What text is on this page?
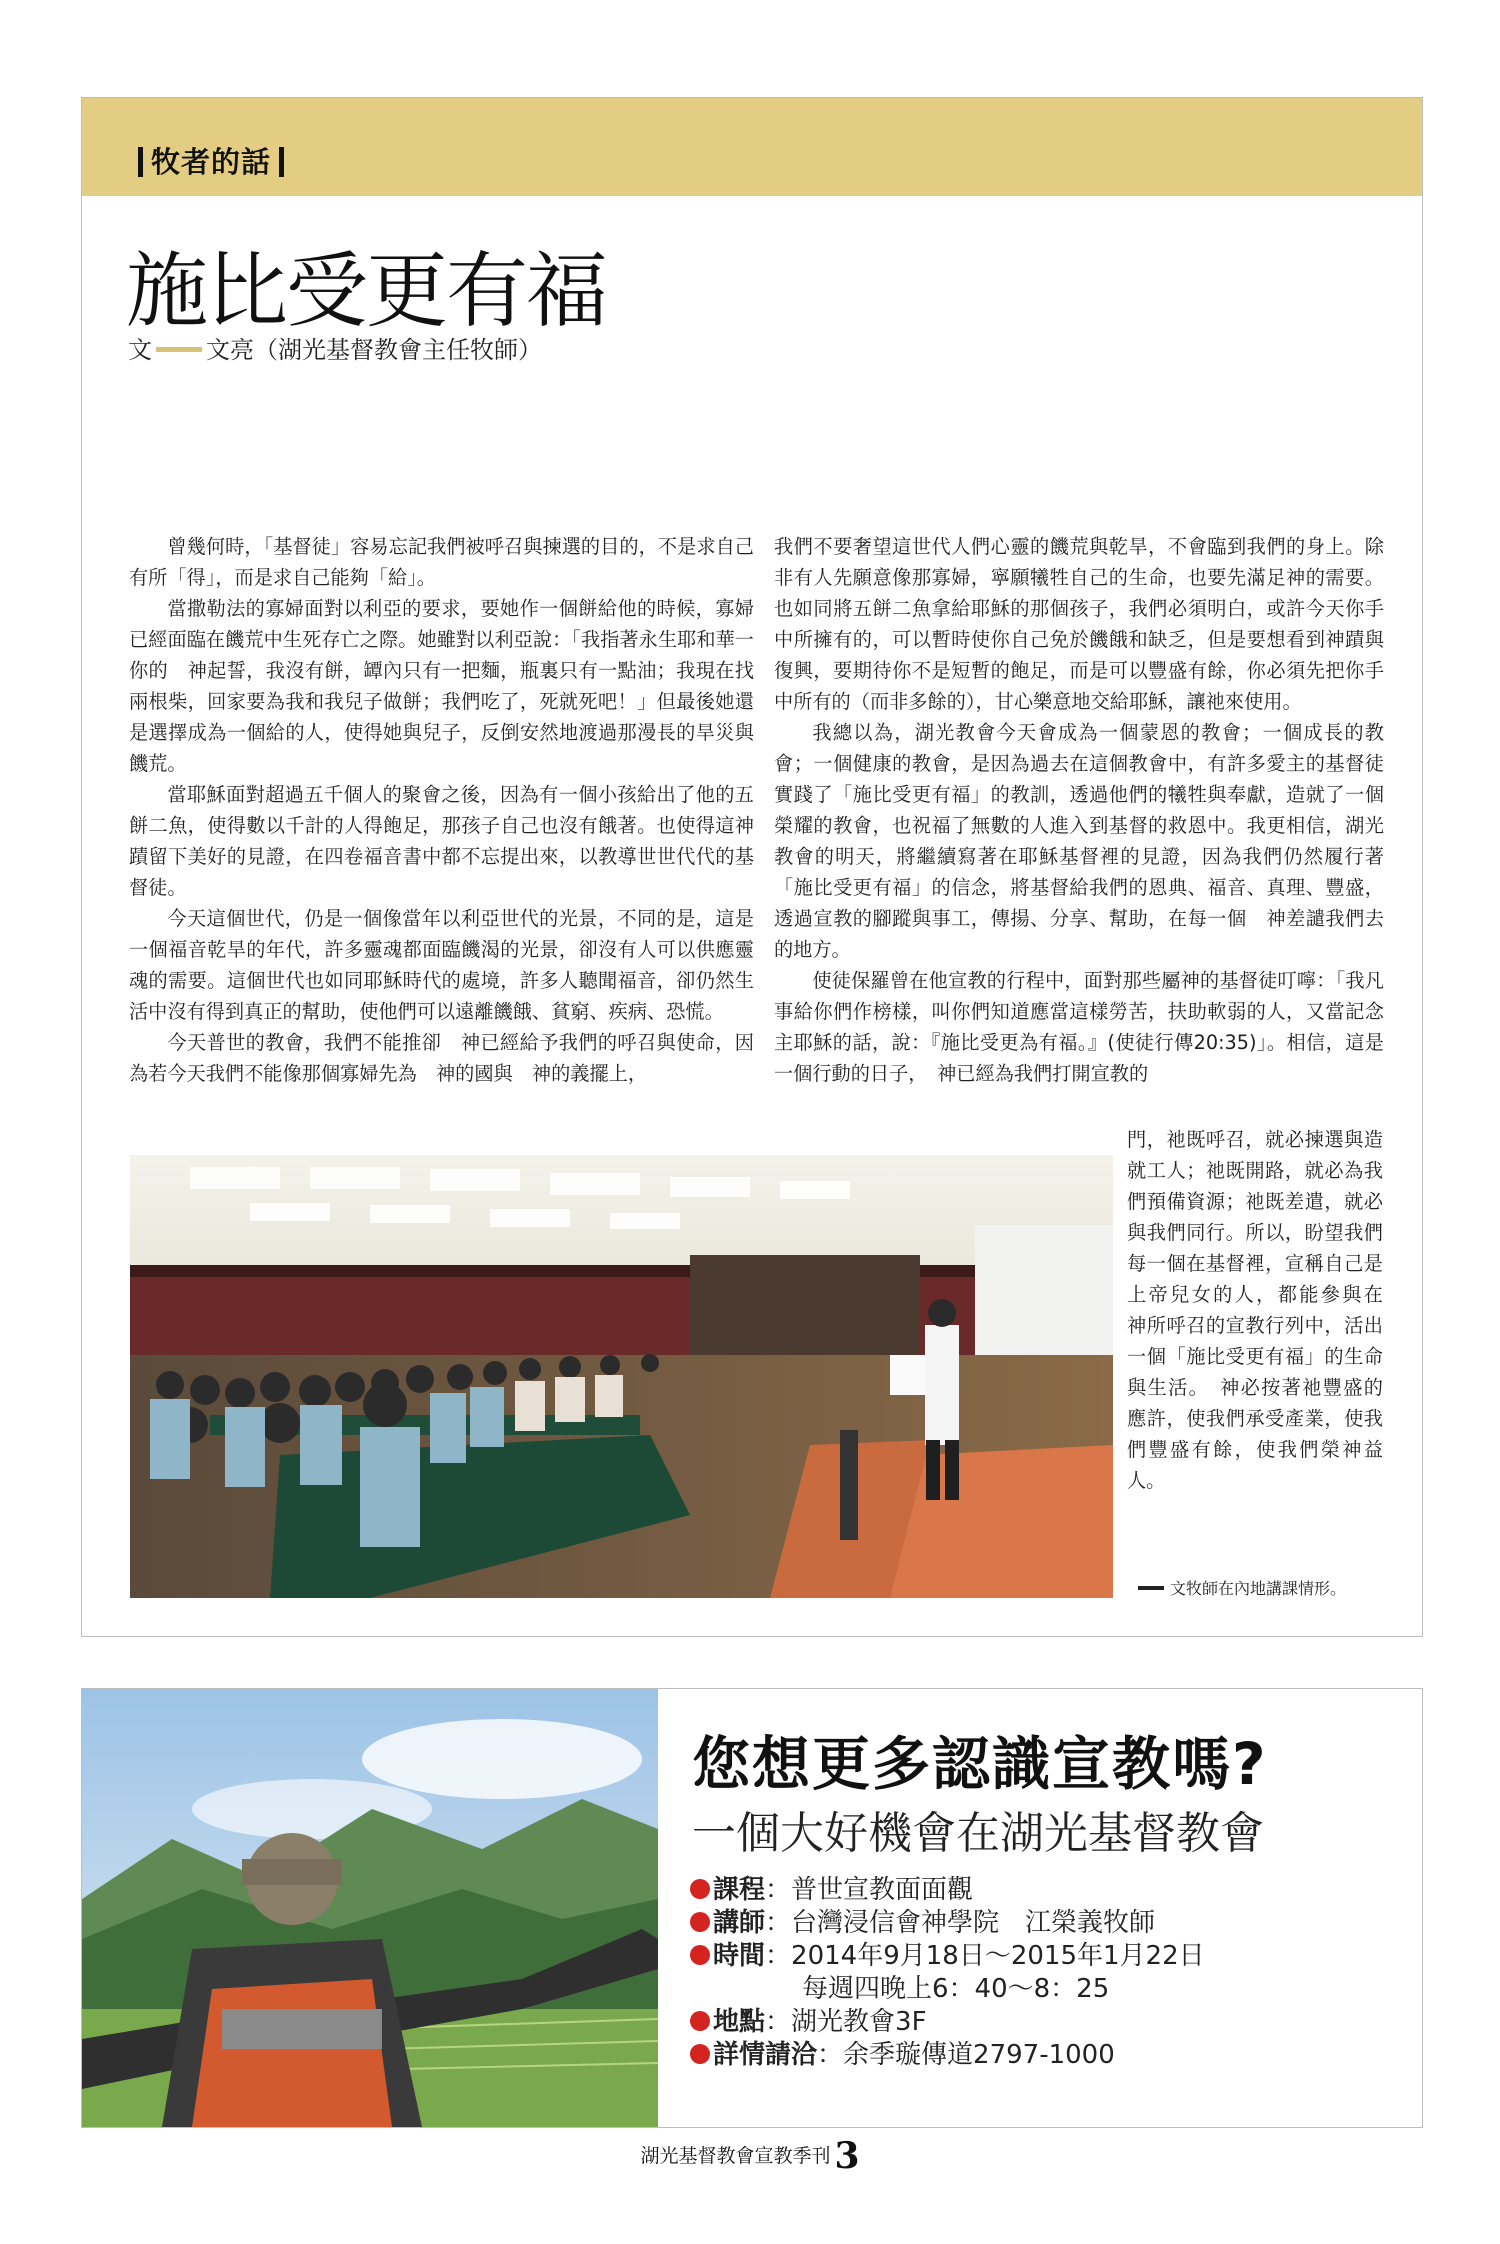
牧者的話
施比受更有福
文 文亮（湖光基督教會主任牧師）

曾幾何時，「基督徒」容易忘記我們被呼召與揀選的目的，不是求自己有所「得」，而是求自己能夠「給」。

當撒勒法的寡婦面對以利亞的要求，要她作一個餅給他的時候，寡婦已經面臨在饑荒中生死存亡之際。她雖對以利亞說：「我指著永生耶和華一你的　神起誓，我沒有餅，罈內只有一把麵，瓶裏只有一點油；我現在找兩根柴，回家要為我和我兒子做餅；我們吃了，死就死吧！」但最後她還是選擇成為一個給的人，使得她與兒子，反倒安然地渡過那漫長的旱災與饑荒。

當耶穌面對超過五千個人的聚會之後，因為有一個小孩給出了他的五餅二魚，使得數以千計的人得飽足，那孩子自己也沒有餓著。也使得這神蹟留下美好的見證，在四卷福音書中都不忘提出來，以教導世世代代的基督徒。

今天這個世代，仍是一個像當年以利亞世代的光景，不同的是，這是一個福音乾旱的年代，許多靈魂都面臨饑渴的光景，卻沒有人可以供應靈魂的需要。這個世代也如同耶穌時代的處境，許多人聽聞福音，卻仍然生活中沒有得到真正的幫助，使他們可以遠離饑餓、貧窮、疾病、恐慌。

今天普世的教會，我們不能推卻　神已經給予我們的呼召與使命，因為若今天我們不能像那個寡婦先為　神的國與　神的義擺上，

我們不要奢望這世代人們心靈的饑荒與乾旱，不會臨到我們的身上。除非有人先願意像那寡婦，寧願犧牲自己的生命，也要先滿足神的需要。也如同將五餅二魚拿給耶穌的那個孩子，我們必須明白，或許今天你手中所擁有的，可以暫時使你自己免於饑餓和缺乏，但是要想看到神蹟與復興，要期待你不是短暫的飽足，而是可以豐盛有餘，你必須先把你手中所有的（而非多餘的），甘心樂意地交給耶穌，讓祂來使用。

我總以為，湖光教會今天會成為一個蒙恩的教會；一個成長的教會；一個健康的教會，是因為過去在這個教會中，有許多愛主的基督徒實踐了「施比受更有福」的教訓，透過他們的犧牲與奉獻，造就了一個榮耀的教會，也祝福了無數的人進入到基督的救恩中。我更相信，湖光教會的明天，將繼續寫著在耶穌基督裡的見證，因為我們仍然履行著「施比受更有福」的信念，將基督給我們的恩典、福音、真理、豐盛，透過宣教的腳蹤與事工，傳揚、分享、幫助，在每一個　神差譴我們去的地方。

使徒保羅曾在他宣教的行程中，面對那些屬神的基督徒叮嚀：「我凡事給你們作榜樣，叫你們知道應當這樣勞苦，扶助軟弱的人，又當記念主耶穌的話，說：『施比受更為有福。』(使徒行傳20:35)」。相信，這是一個行動的日子，　神已經為我們打開宣教的

門，祂既呼召，就必揀選與造就工人；祂既開路，就必為我們預備資源；祂既差遣，就必與我們同行。所以，盼望我們每一個在基督裡，宣稱自己是上帝兒女的人，都能參與在　神所呼召的宣教行列中，活出一個「施比受更有福」的生命與生活。　神必按著祂豐盛的應許，使我們承受產業，使我們豐盛有餘，使我們榮神益人。

文牧師在內地講課情形。
您想更多認識宣教嗎?
一個大好機會在湖光基督教會
課程：普世宣教面面觀
講師：台灣浸信會神學院　江榮義牧師
時間：2014年9月18日～2015年1月22日
每週四晚上6：40～8：25
地點：湖光教會3F
詳情請洽：余季璇傳道2797-1000
湖光基督教會宣教季刊 3
